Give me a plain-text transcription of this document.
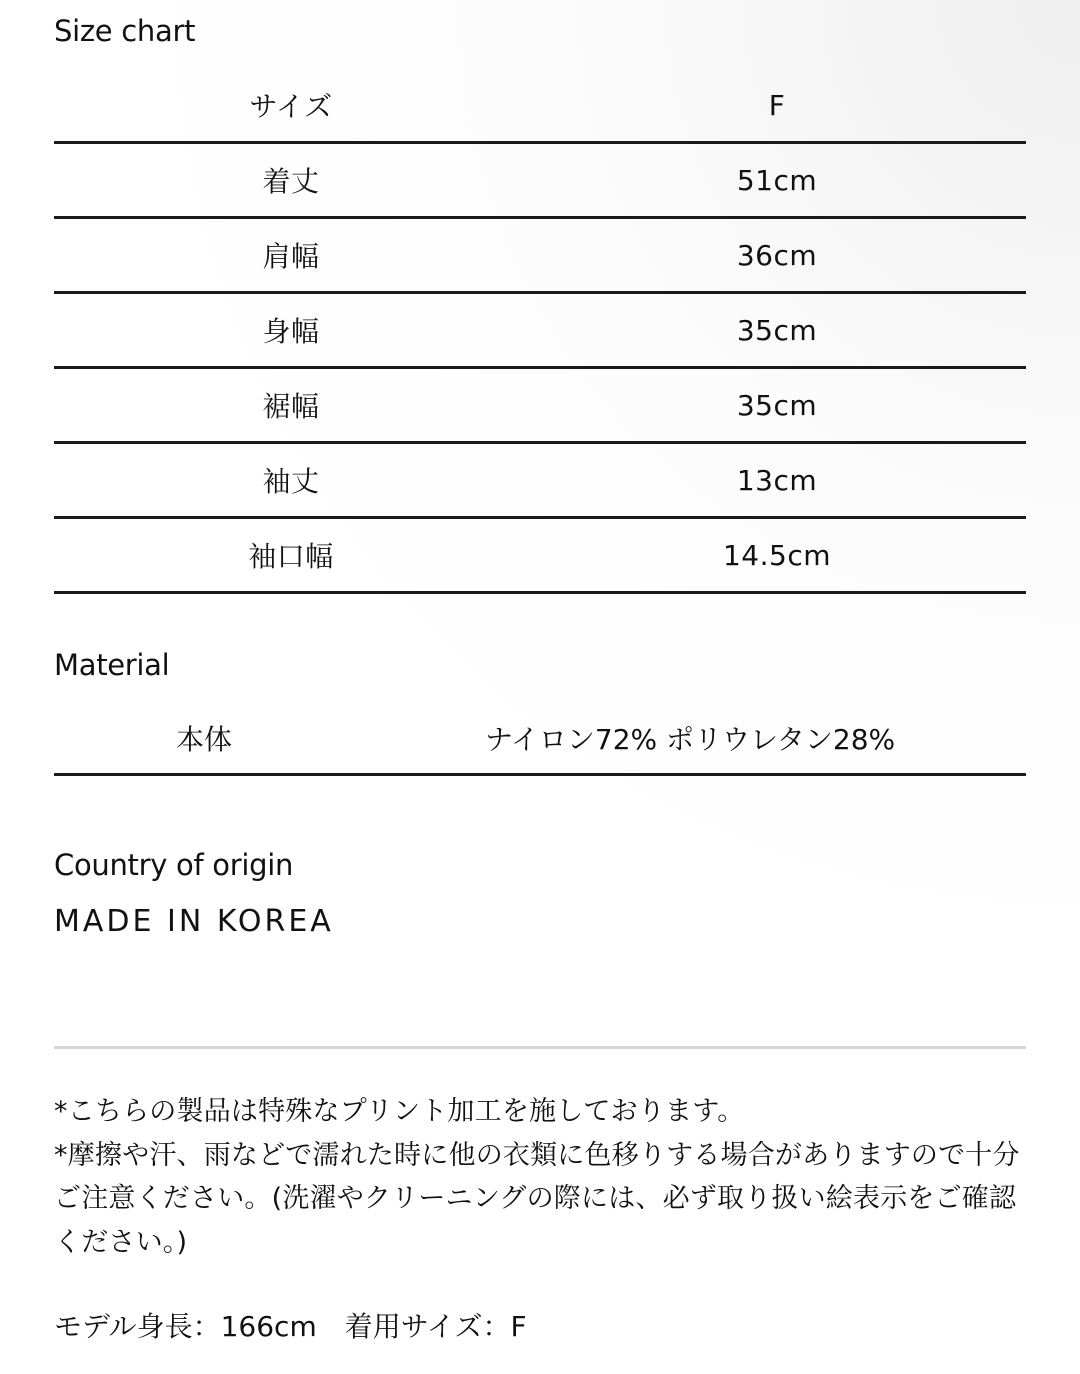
Size chart
サイズ	F
着丈	51cm
肩幅	36cm
身幅	35cm
裾幅	35cm
袖丈	13cm
袖口幅	14.5cm
Material
本体	ナイロン72% ポリウレタン28%
Country of origin
MADE IN KOREA

*こちらの製品は特殊なプリント加工を施しております。

*摩擦や汗、雨などで濡れた時に他の衣類に色移りする場合がありますので十分ご注意ください。(洗濯やクリーニングの際には、必ず取り扱い絵表示をご確認ください。)

モデル身長：166cm　着用サイズ：F
